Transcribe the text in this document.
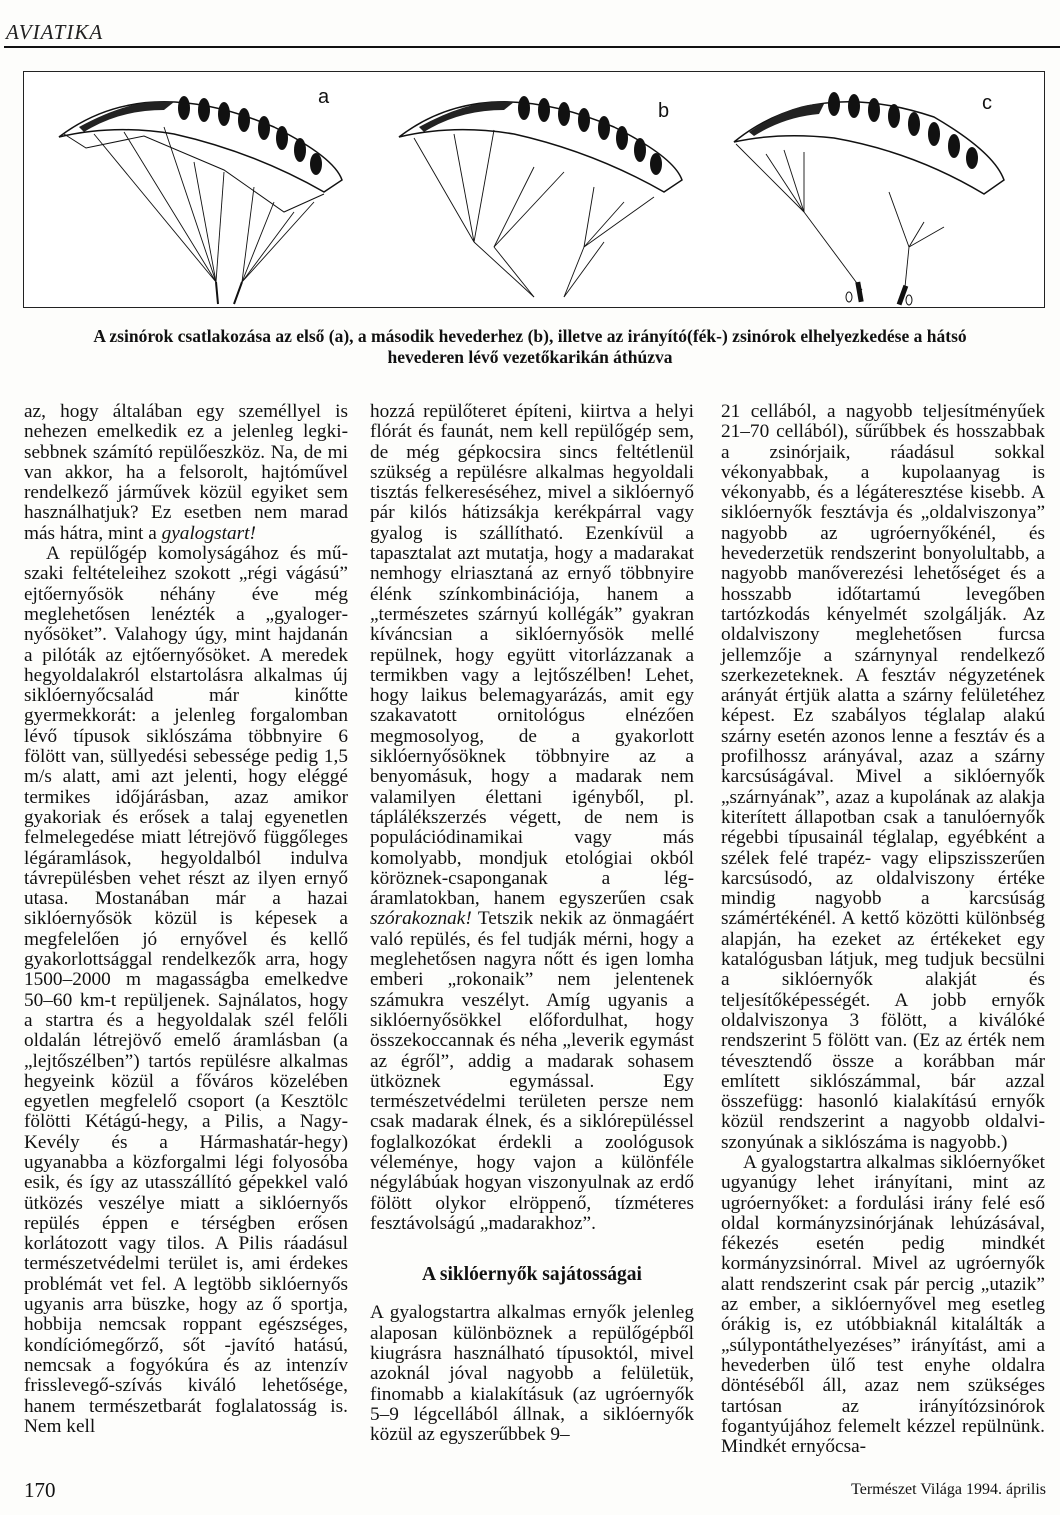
AVIATIKA
a
b	c
A zsinórok csatlakozása az első (a), a második hevederhez (b), illetve az irányító(fék-) zsinórok elhelyezkedése a hátsó
hevederen lévő vezetőkarikán áthúzva

az, hogy általában egy személlyel is nehezen emelkedik ez a jelenleg legkisebbnek számító repülőeszköz. Na, de mi van akkor, ha a felsorolt, hajtóművel rendelkező járművek közül egyiket sem használhatjuk? Ez esetben nem marad más hátra, mint a gyalogstart!

A repülőgép komolyságához és műszaki feltételeihez szokott „régi vágású” ejtőernyősök néhány éve még meglehetősen lenézték a „gyalogernyősöket”. Valahogy úgy, mint hajdanán a pilóták az ejtőernyősöket. A meredek hegyoldalakról elstartolásra alkalmas új siklóernyőcsalád már kinőtte gyermekkorát: a jelenleg forgalomban lévő típusok siklószáma többnyire 6 fölött van, süllyedési sebessége pedig 1,5 m/s alatt, ami azt jelenti, hogy eléggé termikes időjárásban, azaz amikor gyakoriak és erősek a talaj egyenetlen felmelegedése miatt létrejövő függőleges légáramlások, hegyoldalból indulva távrepülésben vehet részt az ilyen ernyő utasa. Mostanában már a hazai siklóernyősök közül is képesek a megfelelően jó ernyővel és kellő gyakorlottsággal rendelkezők arra, hogy 1500–2000 m magasságba emelkedve 50–60 km-t repüljenek. Sajnálatos, hogy a startra és a hegyoldalak szél felőli oldalán létrejövő emelő áramlásban (a „lejtőszélben”) tartós repülésre alkalmas hegyeink közül a főváros közelében egyetlen megfelelő csoport (a Kesztölc fölötti Kétágú-hegy, a Pilis, a Nagy-Kevély és a Hármashatár-hegy) ugyanabba a közforgalmi légi folyosóba esik, és így az utasszállító gépekkel való ütközés veszélye miatt a siklóernyős repülés éppen e térségben erősen korlátozott vagy tilos. A Pilis ráadásul természetvédelmi terület is, ami érdekes problémát vet fel. A legtöbb siklóernyős ugyanis arra büszke, hogy az ő sportja, hobbija nemcsak roppant egészséges, kondíciómegőrző, sőt -javító hatású, nemcsak a fogyókúra és az intenzív frisslevegő-szívás kiváló lehetősége, hanem természetbarát foglalatosság is. Nem kell

hozzá repülőteret építeni, kiirtva a helyi flórát és faunát, nem kell repülőgép sem, de még gépkocsira sincs feltétlenül szükség a repülésre alkalmas hegyoldali tisztás felkereséséhez, mivel a siklóernyő pár kilós hátizsákja kerékpárral vagy gyalog is szállítható. Ezenkívül a tapasztalat azt mutatja, hogy a madarakat nemhogy elriasztaná az ernyő többnyire élénk színkombinációja, hanem a „természetes szárnyú kollégák” gyakran kíváncsian a siklóernyősök mellé repülnek, hogy együtt vitorlázzanak a termikben vagy a lejtőszélben! Lehet, hogy laikus belemagyarázás, amit egy szakavatott ornitológus elnézően megmosolyog, de a gyakorlott siklóernyősöknek többnyire az a benyomásuk, hogy a madarak nem valamilyen élettani igényből, pl. táplálékszerzés végett, de nem is populációdinamikai vagy más komolyabb, mondjuk etológiai okból köröznek-csaponganak a légáramlatokban, hanem egyszerűen csak szórakoznak! Tetszik nekik az önmagáért való repülés, és fel tudják mérni, hogy a meglehetősen nagyra nőtt és igen lomha emberi „rokonaik” nem jelentenek számukra veszélyt. Amíg ugyanis a siklóernyősökkel előfordulhat, hogy összekoccannak és néha „leverik egymást az égről”, addig a madarak sohasem ütköznek egymással. Egy természetvédelmi területen persze nem csak madarak élnek, és a siklórepüléssel foglalkozókat érdekli a zoológusok véleménye, hogy vajon a különféle négylábúak hogyan viszonyulnak az erdő fölött olykor elröppenő, tízméteres fesztávolságú „madarakhoz”.

A siklóernyők sajátosságai

A gyalogstartra alkalmas ernyők jelenleg alaposan különböznek a repülőgépből kiugrásra használható típusoktól, mivel azoknál jóval nagyobb a felületük, finomabb a kialakításuk (az ugróernyők 5–9 légcellából állnak, a siklóernyők közül az egyszerűbbek 9–

21 cellából, a nagyobb teljesítményűek 21–70 cellából), sűrűbbek és hosszabbak a zsinórjaik, ráadásul sokkal vékonyabbak, a kupolaanyag is vékonyabb, és a légáteresztése kisebb. A siklóernyők fesztávja és „oldalviszonya” nagyobb az ugróernyőkénél, és hevederzetük rendszerint bonyolultabb, a nagyobb manőverezési lehetőséget és a hosszabb időtartamú levegőben tartózkodás kényelmét szolgálják. Az oldalviszony meglehetősen furcsa jellemzője a szárnynyal rendelkező szerkezeteknek. A fesztáv négyzetének arányát értjük alatta a szárny felületéhez képest. Ez szabályos téglalap alakú szárny esetén azonos lenne a fesztáv és a profilhossz arányával, azaz a szárny karcsúságával. Mivel a siklóernyők „szárnyának”, azaz a kupolának az alakja kiterített állapotban csak a tanulóernyők régebbi típusainál téglalap, egyébként a szélek felé trapéz- vagy elipszisszerűen karcsúsodó, az oldalviszony értéke mindig nagyobb a karcsúság számértékénél. A kettő közötti különbség alapján, ha ezeket az értékeket egy katalógusban látjuk, meg tudjuk becsülni a siklóernyők alakját és teljesítőképességét. A jobb ernyők oldalviszonya 3 fölött, a kiválóké rendszerint 5 fölött van. (Ez az érték nem tévesztendő össze a korábban már említett siklószámmal, bár azzal összefügg: hasonló kialakítású ernyők közül rendszerint a nagyobb oldalviszonyúnak a siklószáma is nagyobb.)

A gyalogstartra alkalmas siklóernyőket ugyanúgy lehet irányítani, mint az ugróernyőket: a fordulási irány felé eső oldal kormányzsinórjának lehúzásával, fékezés esetén pedig mindkét kormányzsinórral. Mivel az ugróernyők alatt rendszerint csak pár percig „utazik” az ember, a siklóernyővel meg esetleg órákig is, ez utóbbiaknál kitalálták a „súlypontáthelyezéses” irányítást, ami a hevederben ülő test enyhe oldalra döntéséből áll, azaz nem szükséges tartósan az irányítózsinórok fogantyújához felemelt kézzel repülnünk. Mindkét ernyőcsa-

170	Természet Világa 1994. április
